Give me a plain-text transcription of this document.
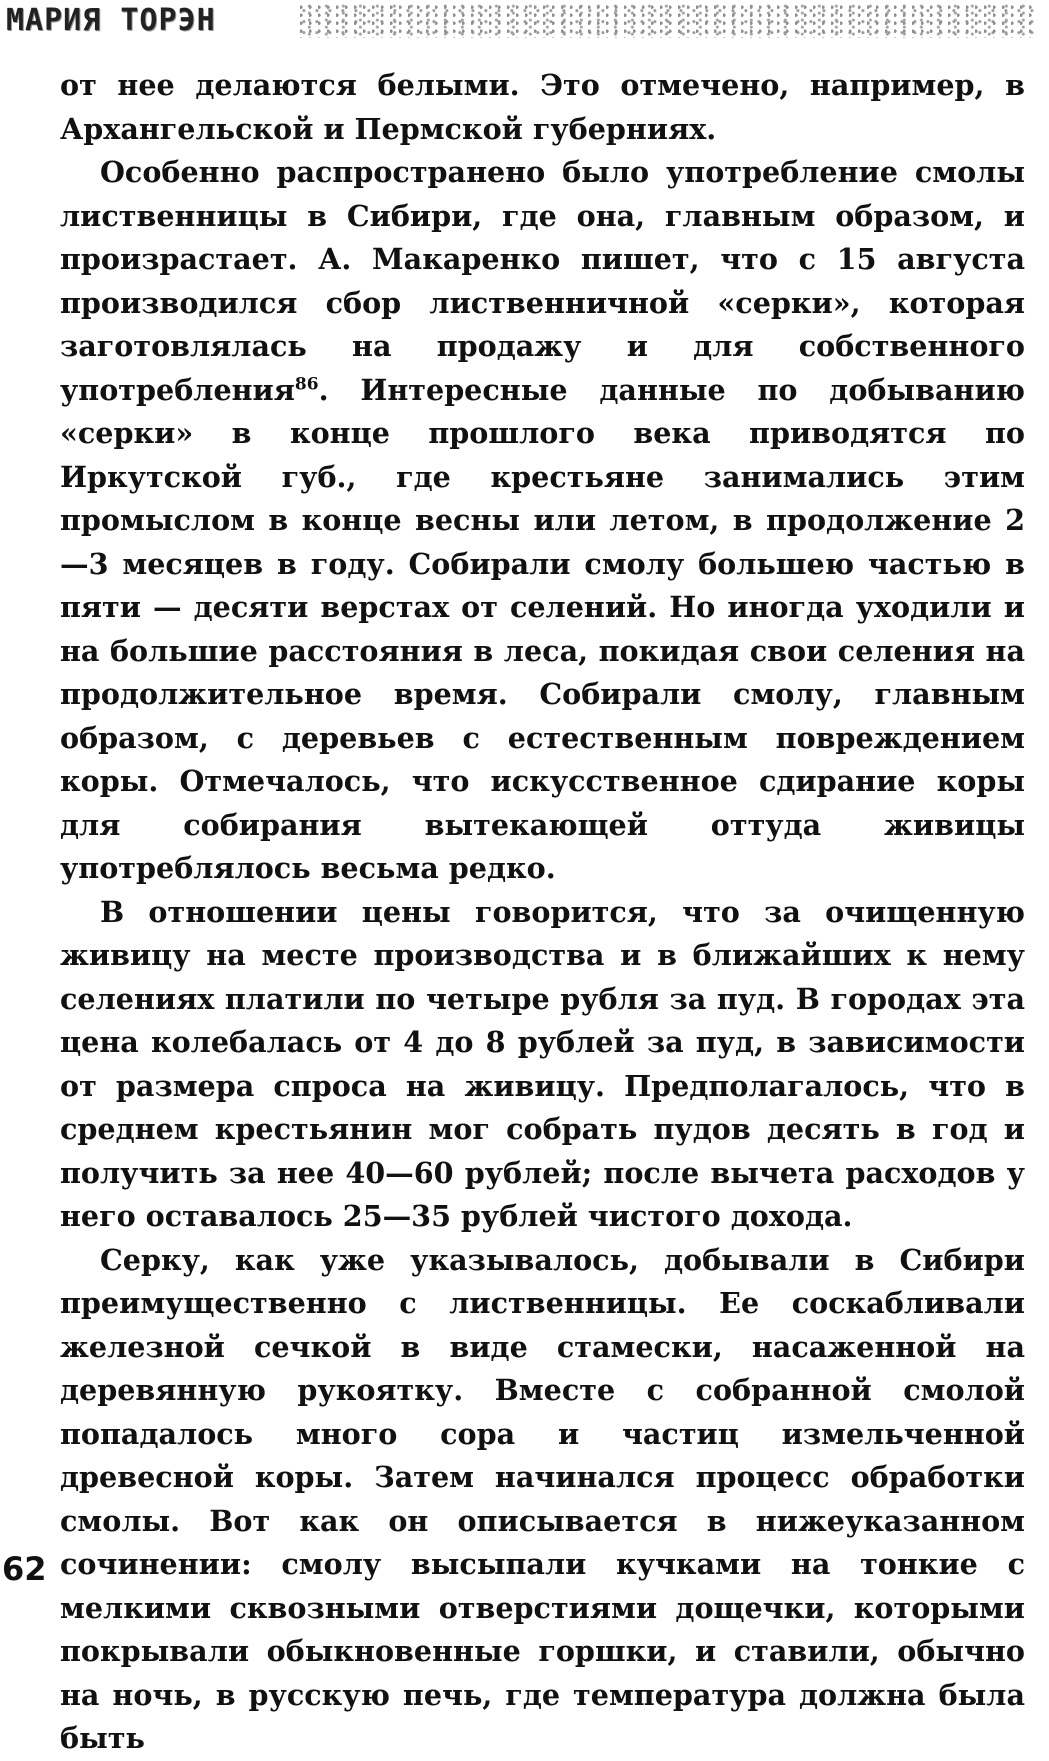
МАРИЯ ТОРЭН

от нее делаются белыми. Это отмечено, например, в Архангельской и Пермской губерниях.

Особенно распространено было употребление смолы лиственницы в Сибири, где она, главным образом, и произрастает. А. Макаренко пишет, что с 15 августа производился сбор лиственничной «серки», которая заготовлялась на продажу и для собственного употребления$^{86}$. Интересные данные по добыванию «серки» в конце прошлого века приводятся по Иркутской губ., где крестьяне занимались этим промыслом в конце весны или летом, в продолжение 2—3 месяцев в году. Собирали смолу большею частью в пяти — десяти верстах от селений. Но иногда уходили и на большие расстояния в леса, покидая свои селения на продолжительное время. Собирали смолу, главным образом, с деревьев с естественным повреждением коры. Отмечалось, что искусственное сдирание коры для собирания вытекающей оттуда живицы употреблялось весьма редко.

В отношении цены говорится, что за очищенную живицу на месте производства и в ближайших к нему селениях платили по четыре рубля за пуд. В городах эта цена колебалась от 4 до 8 рублей за пуд, в зависимости от размера спроса на живицу. Предполагалось, что в среднем крестьянин мог собрать пудов десять в год и получить за нее 40—60 рублей; после вычета расходов у него оставалось 25—35 рублей чистого дохода.

Серку, как уже указывалось, добывали в Сибири преимущественно с лиственницы. Ее соскабливали железной сечкой в виде стамески, насаженной на деревянную рукоятку. Вместе с собранной смолой попадалось много сора и частиц измельченной древесной коры. Затем начинался процесс обработки смолы. Вот как он описывается в нижеуказанном сочинении: смолу высыпали кучками на тонкие с мелкими сквозными отверстиями дощечки, которыми покрывали обыкновенные горшки, и ставили, обычно на ночь, в русскую печь, где температура должна была быть

62
